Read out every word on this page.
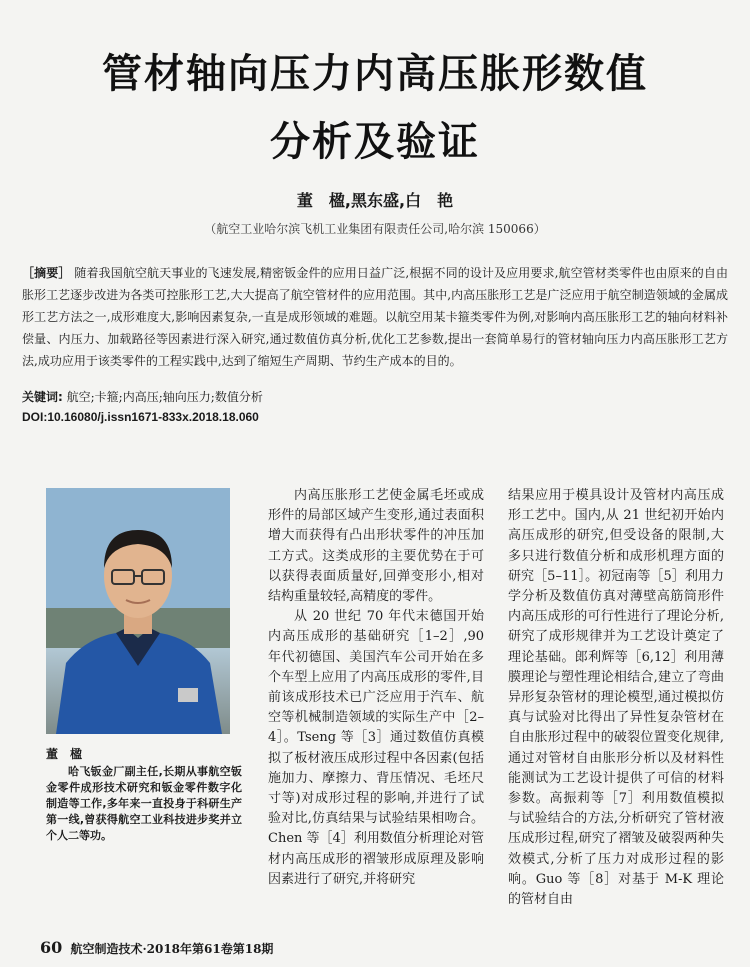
管材轴向压力内高压胀形数值
分析及验证
董　楹,黑东盛,白　艳
（航空工业哈尔滨飞机工业集团有限责任公司,哈尔滨 150066）
［摘要］ 随着我国航空航天事业的飞速发展,精密钣金件的应用日益广泛,根据不同的设计及应用要求,航空管材类零件也由原来的自由胀形工艺逐步改进为各类可控胀形工艺,大大提高了航空管材件的应用范围。其中,内高压胀形工艺是广泛应用于航空制造领域的金属成形工艺方法之一,成形难度大,影响因素复杂,一直是成形领域的难题。以航空用某卡箍类零件为例,对影响内高压胀形工艺的轴向材料补偿量、内压力、加载路径等因素进行深入研究,通过数值仿真分析,优化工艺参数,提出一套简单易行的管材轴向压力内高压胀形工艺方法,成功应用于该类零件的工程实践中,达到了缩短生产周期、节约生产成本的目的。
关键词: 航空;卡箍;内高压;轴向压力;数值分析
DOI:10.16080/j.issn1671-833x.2018.18.060
董　楹
哈飞钣金厂副主任,长期从事航空钣金零件成形技术研究和钣金零件数字化制造等工作,多年来一直投身于科研生产第一线,曾获得航空工业科技进步奖并立个人二等功。

内高压胀形工艺使金属毛坯或成形件的局部区域产生变形,通过表面积增大而获得有凸出形状零件的冲压加工方式。这类成形的主要优势在于可以获得表面质量好,回弹变形小,相对结构重量较轻,高精度的零件。

从 20 世纪 70 年代末德国开始内高压成形的基础研究［1–2］,90 年代初德国、美国汽车公司开始在多个车型上应用了内高压成形的零件,目前该成形技术已广泛应用于汽车、航空等机械制造领域的实际生产中［2–4］。Tseng 等［3］通过数值仿真模拟了板材液压成形过程中各因素(包括施加力、摩擦力、背压情况、毛坯尺寸等)对成形过程的影响,并进行了试验对比,仿真结果与试验结果相吻合。Chen 等［4］利用数值分析理论对管材内高压成形的褶皱形成原理及影响因素进行了研究,并将研究

结果应用于模具设计及管材内高压成形工艺中。国内,从 21 世纪初开始内高压成形的研究,但受设备的限制,大多只进行数值分析和成形机理方面的研究［5–11］。初冠南等［5］利用力学分析及数值仿真对薄壁高筋筒形件内高压成形的可行性进行了理论分析,研究了成形规律并为工艺设计奠定了理论基础。郎利辉等［6,12］利用薄膜理论与塑性理论相结合,建立了弯曲异形复杂管材的理论模型,通过模拟仿真与试验对比得出了异性复杂管材在自由胀形过程中的破裂位置变化规律,通过对管材自由胀形分析以及材料性能测试为工艺设计提供了可信的材料参数。高振莉等［7］利用数值模拟与试验结合的方法,分析研究了管材液压成形过程,研究了褶皱及破裂两种失效模式,分析了压力对成形过程的影响。Guo 等［8］对基于 M-K 理论的管材自由

60 航空制造技术·2018年第61卷第18期
